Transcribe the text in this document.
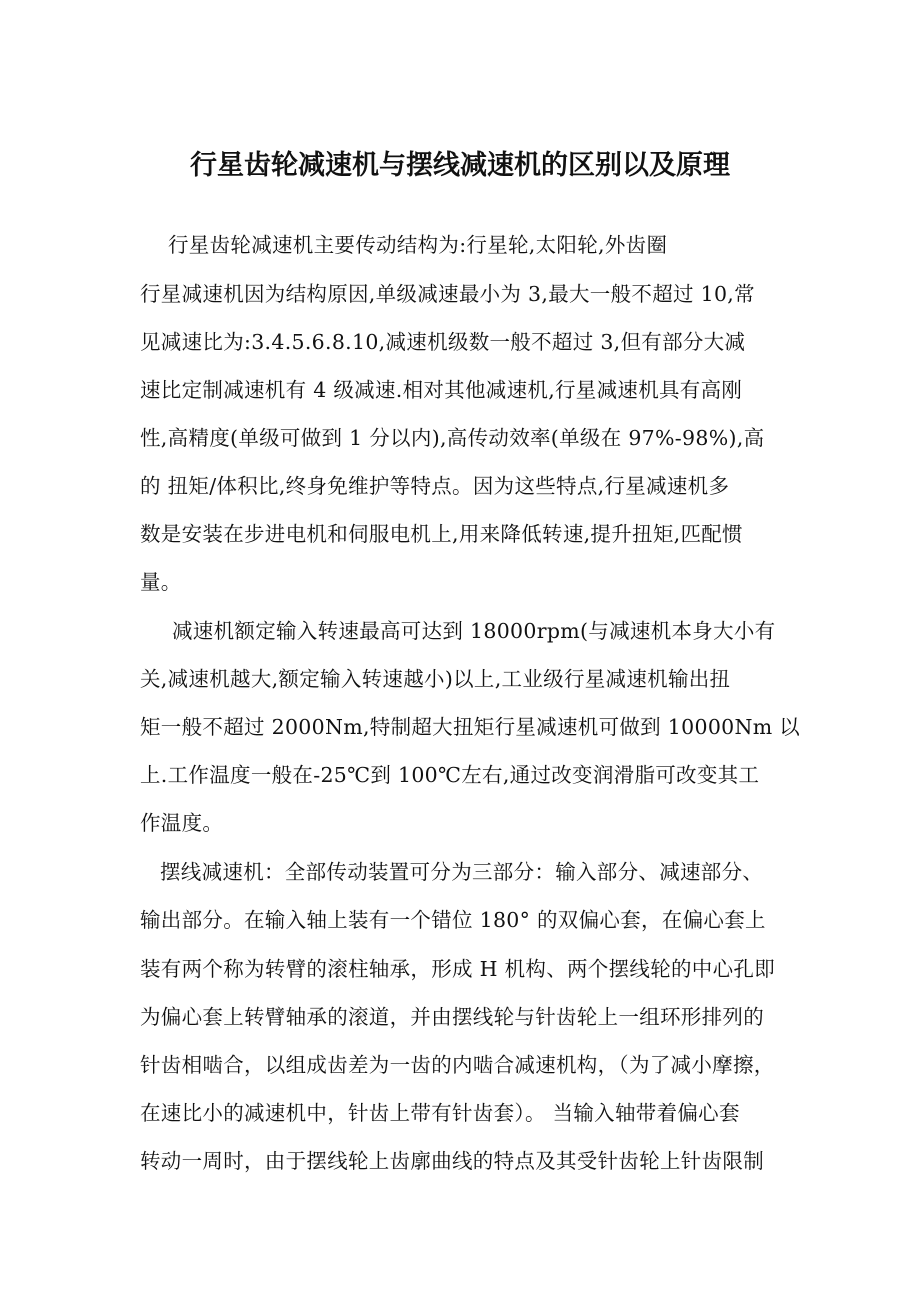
行星齿轮减速机与摆线减速机的区别以及原理
行星齿轮减速机主要传动结构为:行星轮,太阳轮,外齿圈
行星减速机因为结构原因,单级减速最小为 3,最大一般不超过 10,常
见减速比为:3.4.5.6.8.10,减速机级数一般不超过 3,但有部分大减
速比定制减速机有 4 级减速.相对其他减速机,行星减速机具有高刚
性,高精度(单级可做到 1 分以内),高传动效率(单级在 97%-98%),高
的 扭矩/体积比,终身免维护等特点。因为这些特点,行星减速机多
数是安装在步进电机和伺服电机上,用来降低转速,提升扭矩,匹配惯
量。
减速机额定输入转速最高可达到 18000rpm(与减速机本身大小有
关,减速机越大,额定输入转速越小)以上,工业级行星减速机输出扭
矩一般不超过 2000Nm,特制超大扭矩行星减速机可做到 10000Nm 以
上.工作温度一般在-25℃到 100℃左右,通过改变润滑脂可改变其工
作温度。
摆线减速机：全部传动装置可分为三部分：输入部分、减速部分、
输出部分。在输入轴上装有一个错位 180° 的双偏心套，在偏心套上
装有两个称为转臂的滚柱轴承，形成 H 机构、两个摆线轮的中心孔即
为偏心套上转臂轴承的滚道，并由摆线轮与针齿轮上一组环形排列的
针齿相啮合，以组成齿差为一齿的内啮合减速机构，（为了减小摩擦，
在速比小的减速机中，针齿上带有针齿套）。 当输入轴带着偏心套
转动一周时，由于摆线轮上齿廓曲线的特点及其受针齿轮上针齿限制
